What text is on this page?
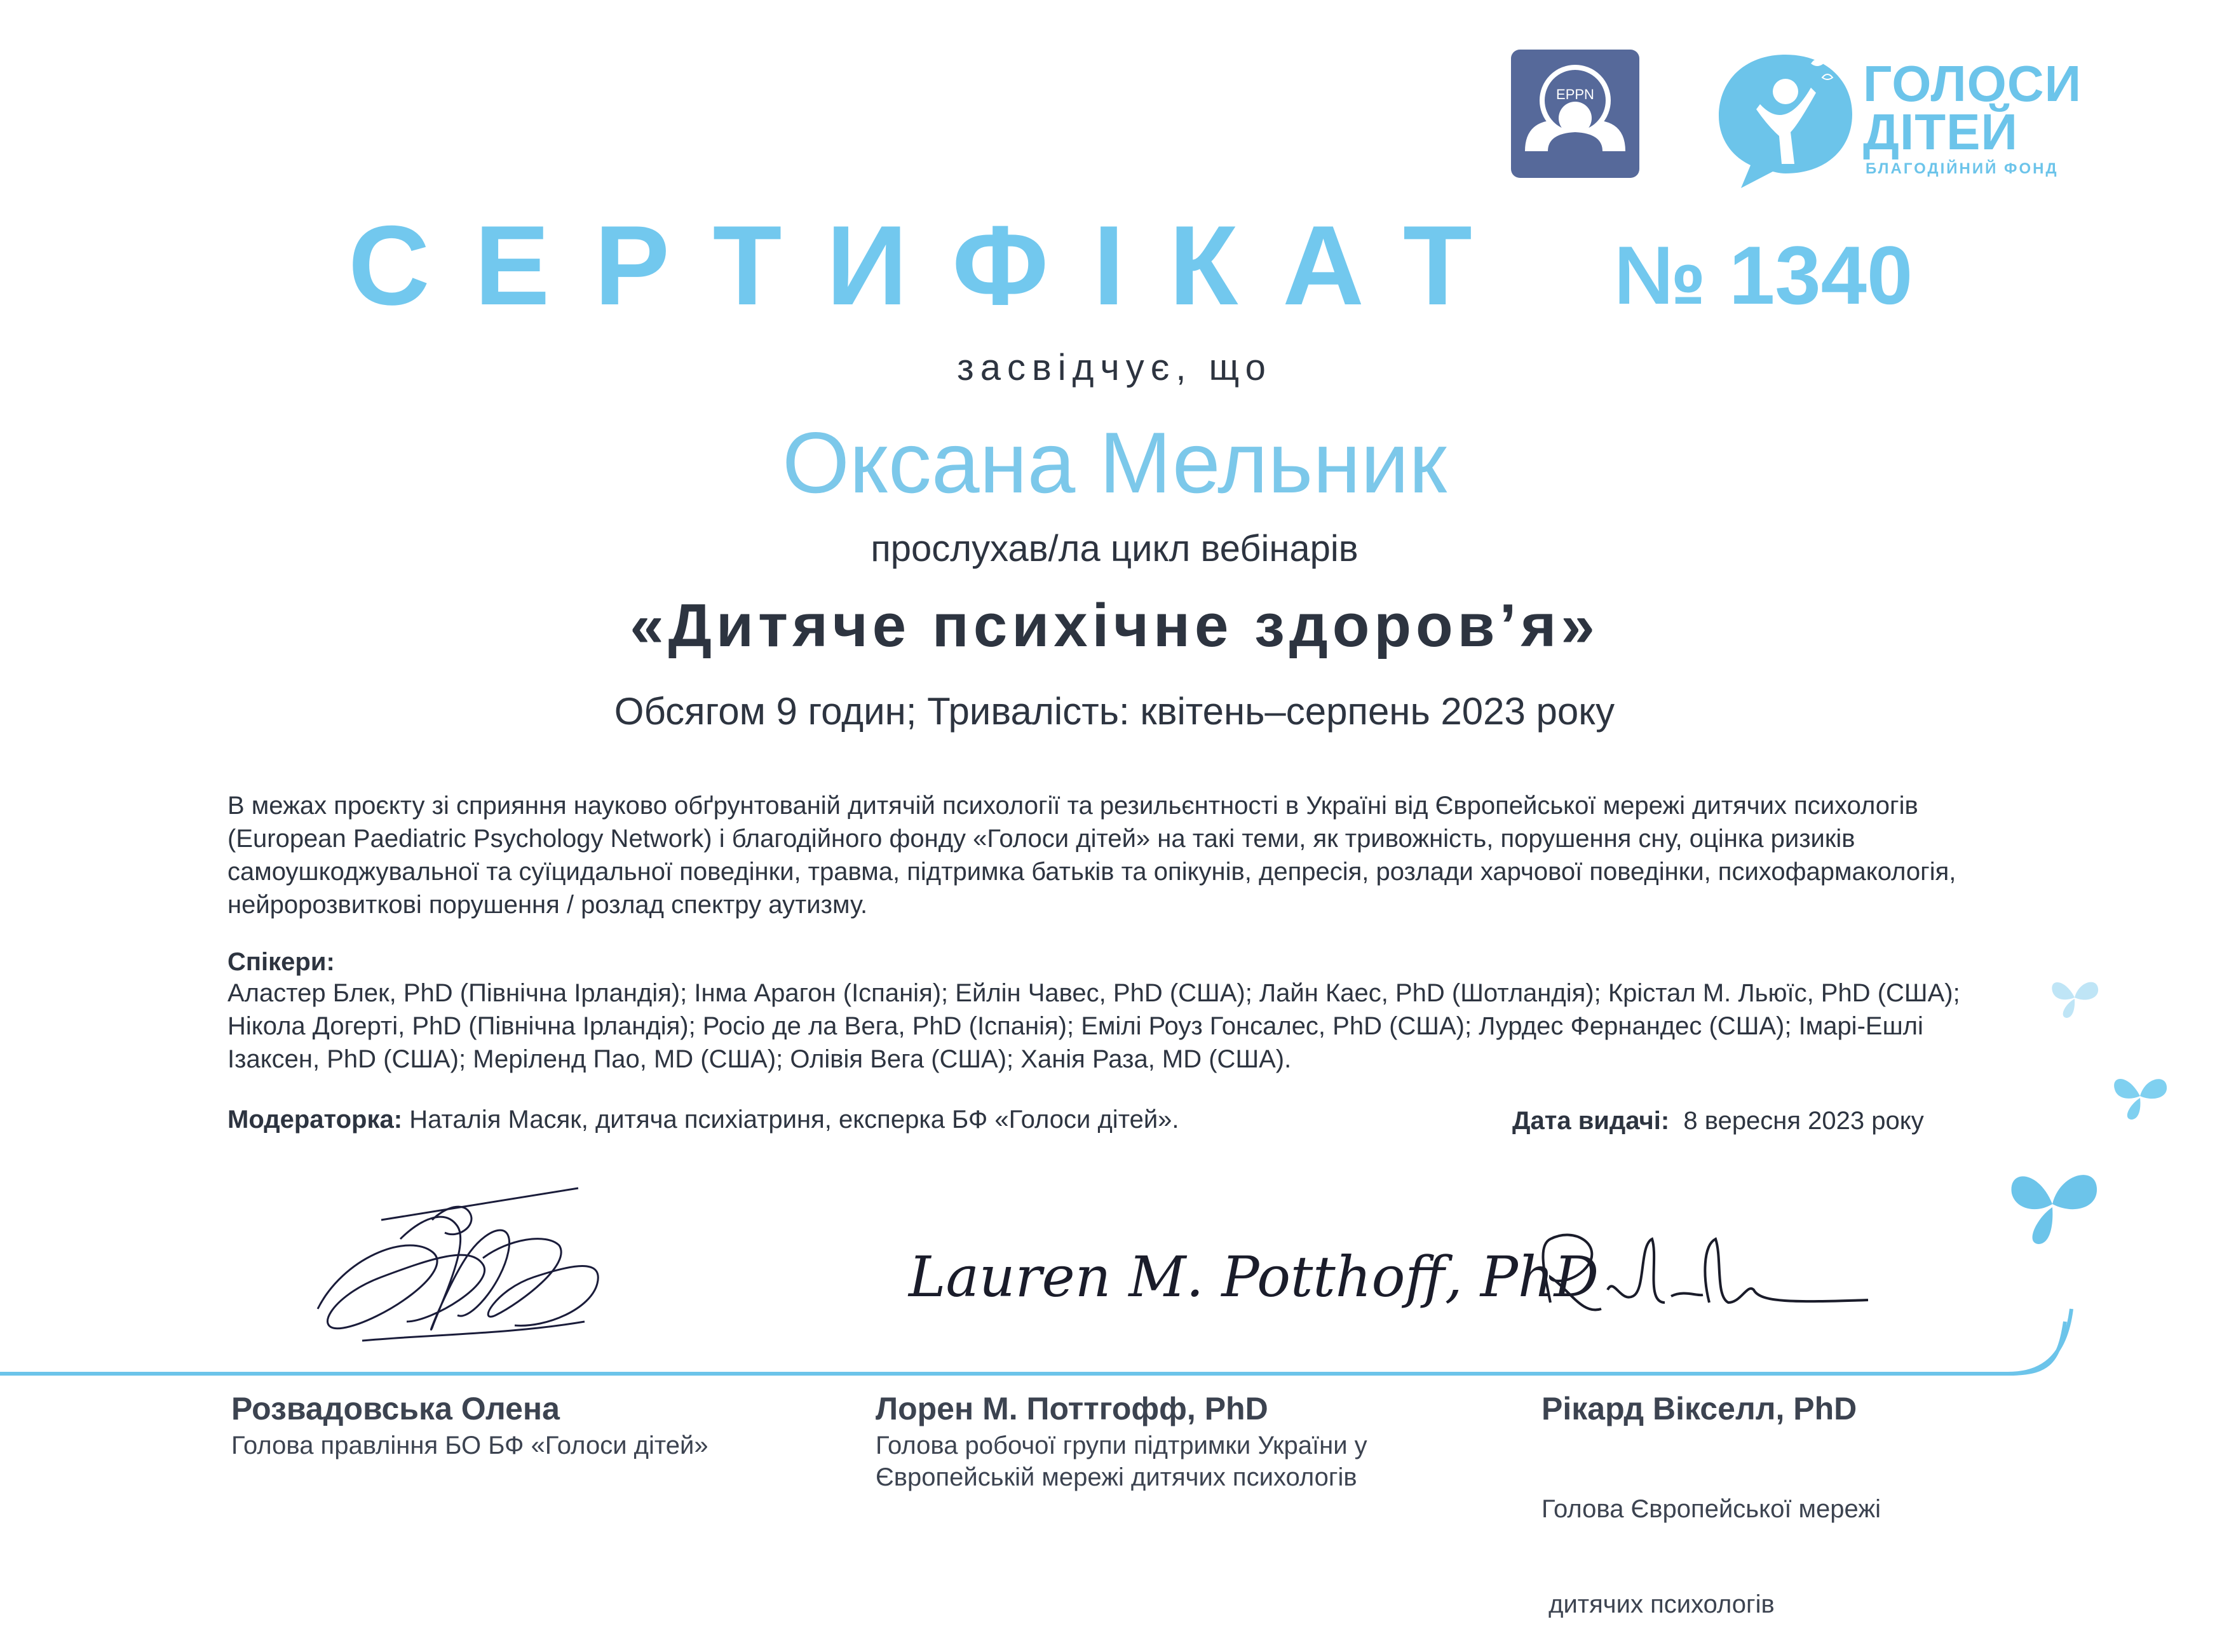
EPPN	ГОЛОСИ
ДІТЕЙ
БЛАГОДІЙНИЙ ФОНД
СЕРТИФІКАТ № 1340
засвідчує, що
Оксана Мельник
прослухав/ла цикл вебінарів
«Дитяче психічне здоров’я»
Обсягом 9 годин; Тривалість: квітень–серпень 2023 року
В межах проєкту зі сприяння науково обґрунтованій дитячій психології та резильєнтності в Україні від Європейської мережі дитячих психологів (European Paediatric Psychology Network) і благодійного фонду «Голоси дітей» на такі теми, як тривожність, порушення сну, оцінка ризиків самоушкоджувальної та суїцидальної поведінки, травма, підтримка батьків та опікунів, депресія, розлади харчової поведінки, психофармакологія, нейророзвиткові порушення / розлад спектру аутизму.
Спікери:
Аластер Блек, PhD (Північна Ірландія); Інма Арагон (Іспанія); Ейлін Чавес, PhD (США); Лайн Каес, PhD (Шотландія); Крістал М. Льюїс, PhD (США); Нікола Догерті, PhD (Північна Ірландія); Росіо де ла Вега, PhD (Іспанія); Емілі Роуз Гонсалес, PhD (США); Лурдес Фернандес (США); Імарі-Ешлі Ізаксен, PhD (США); Меріленд Пао, MD (США); Олівія Вега (США); Ханія Раза, MD (США).
Модераторка: Наталія Масяк, дитяча психіатриня, експерка БФ «Голоси дітей».	Дата видачі: 8 вересня 2023 року
Lauren M. Potthoff, PhD
Розвадовська Олена
Голова правління БО БФ «Голоси дітей»
Лорен М. Поттгофф, PhD
Голова робочої групи підтримки України у
Європейській мережі дитячих психологів
Рікард Вікселл, PhD

Голова Європейської мережі

дитячих психологів
